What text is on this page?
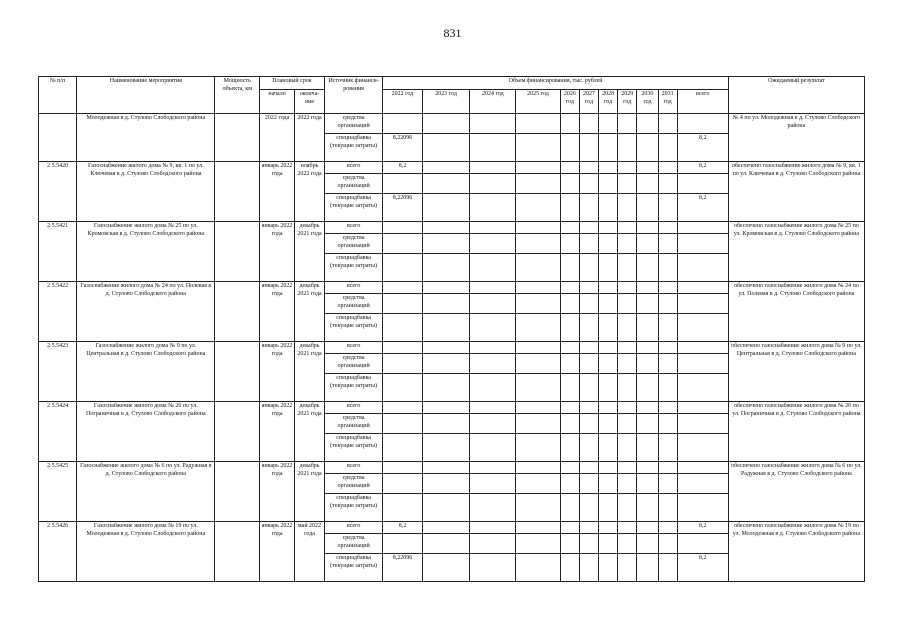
831
№ п/п	Наименование мероприятия	Мощность объекта, км	Плановый срок		Источник финанси-рования	Объем финансирования, тыс. рублей											Ожидаемый результат
			начало	оконча-ние		2022 год	2023 год	2024 год	2025 год	2026 год	2027 год	2028 год	2029 год	2030 год	2031 год	всего	
	Молодежная в д. Стулово Слободского района		2022 года	2022 года	средства организаций												№ 4 по ул. Молодежная в д. Стулово Слободского района
					спецнадбавка (текущие затраты)	8,22096										8,2	
2.5.5420	Газоснабжение жилого дома № 9, кв. 1 по ул. Ключевая в д. Стулово Слободского района		январь 2022 года	ноябрь 2022 года	всего	8,2										8,2	обеспечено газоснабжение жилого дома № 9, кв. 1 по ул. Ключевая в д. Стулово Слободского района
					средства организаций												
					спецнадбавка (текущие затраты)	8,22096										8,2	
2.5.5421	Газоснабжение жилого дома № 25 по ул. Кромовская в д. Стулово Слободского района		январь 2022 года	декабрь 2021 года	всего												обеспечено газоснабжение жилого дома № 25 по ул. Кромовская в д. Стулово Слободского района
					средства организаций												
					спецнадбавка (текущие затраты)												
2.5.5422	Газоснабжение жилого дома № 24 по ул. Полевая в д. Стулово Слободского района		январь 2022 года	декабрь 2021 года	всего												обеспечено газоснабжение жилого дома № 24 по ул. Полевая в д. Стулово Слободского района
					средства организаций												
					спецнадбавка (текущие затраты)												
2.5.5423	Газоснабжение жилого дома № 9 по ул. Центральная в д. Стулово Слободского района		январь 2022 года	декабрь 2021 года	всего												обеспечено газоснабжение жилого дома № 9 по ул. Центральная в д. Стулово Слободского района
					средства организаций												
					спецнадбавка (текущие затраты)												
2.5.5424	Газоснабжение жилого дома № 20 по ул. Пограничная в д. Стулово Слободского района		январь 2022 года	декабрь 2021 года	всего												обеспечено газоснабжение жилого дома № 20 по ул. Пограничная в д. Стулово Слободского района
					средства организаций												
					спецнадбавка (текущие затраты)												
2.5.5425	Газоснабжение жилого дома № 6 по ул. Радужная в д. Стулово Слободского района		январь 2022 года	декабрь 2021 года	всего												обеспечено газоснабжение жилого дома № 6 по ул. Радужная в д. Стулово Слободского района
					средства организаций												
					спецнадбавка (текущие затраты)												
2.5.5426	Газоснабжение жилого дома № 19 по ул. Молодежная в д. Стулово Слободского района		январь 2022 года	май 2022 года	всего	8,2										8,2	обеспечено газоснабжение жилого дома № 19 по ул. Молодежная в д. Стулово Слободского района
					средства организаций												
					спецнадбавка (текущие затраты)	8,22096										8,2	
